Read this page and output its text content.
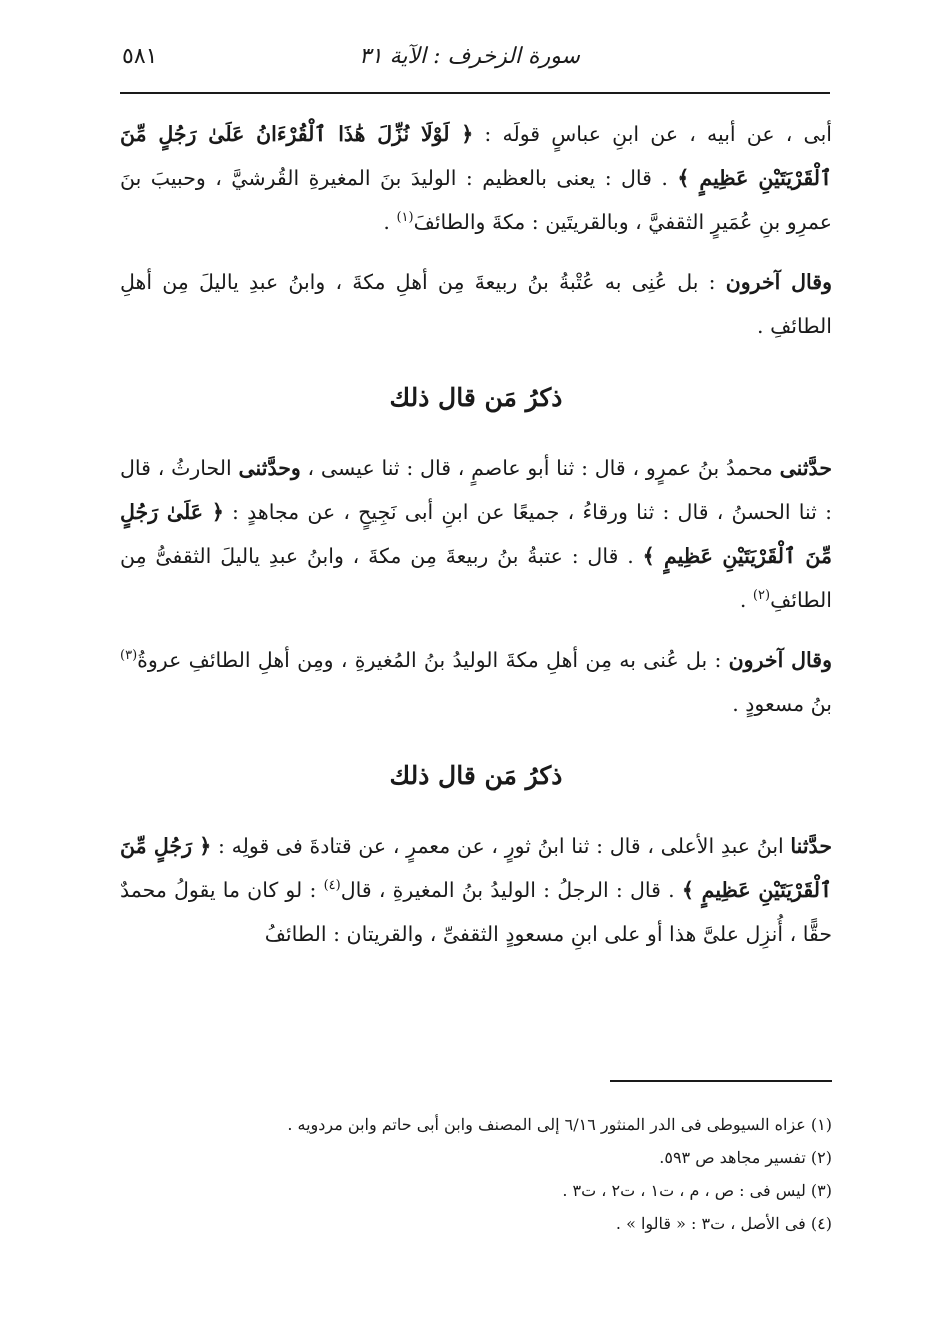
سورة الزخرف : الآية ٣١
٥٨١

أبى ، عن أبيه ، عن ابنِ عباسٍ قولَه : ﴿ لَوْلَا نُزِّلَ هَٰذَا ٱلْقُرْءَانُ عَلَىٰ رَجُلٍ مِّنَ ٱلْقَرْيَتَيْنِ عَظِيمٍ ﴾ . قال : يعنى بالعظيم : الوليدَ بنَ المغيرةِ القُرشيَّ ، وحبيبَ بنَ عمرِو بنِ عُمَيرٍ الثقفيَّ ، وبالقريتَين : مكةَ والطائفَ$^{(١)}$ .

وقال آخرون : بل عُنِى به عُتْبةُ بنُ ربيعةَ مِن أهلِ مكةَ ، وابنُ عبدِ ياليلَ مِن أهلِ الطائفِ .

ذكرُ مَن قال ذلك

حدَّثنى محمدُ بنُ عمرٍو ، قال : ثنا أبو عاصمٍ ، قال : ثنا عيسى ، وحدَّثنى الحارثُ ، قال : ثنا الحسنُ ، قال : ثنا ورقاءُ ، جميعًا عن ابنِ أبى نَجِيحٍ ، عن مجاهدٍ : ﴿ عَلَىٰ رَجُلٍ مِّنَ ٱلْقَرْيَتَيْنِ عَظِيمٍ ﴾ . قال : عتبةُ بنُ ربيعةَ مِن مكةَ ، وابنُ عبدِ ياليلَ الثقفىُّ مِن الطائفِ$^{(٢)}$ .

وقال آخرون : بل عُنى به مِن أهلِ مكةَ الوليدُ بنُ المُغيرةِ ، ومِن أهلِ الطائفِ عروةُ$^{(٣)}$ بنُ مسعودٍ .

ذكرُ مَن قال ذلك

حدَّثنا ابنُ عبدِ الأعلى ، قال : ثنا ابنُ ثورٍ ، عن معمرٍ ، عن قتادةَ فى قولِه : ﴿ رَجُلٍ مِّنَ ٱلْقَرْيَتَيْنِ عَظِيمٍ ﴾ . قال : الرجلُ : الوليدُ بنُ المغيرةِ ، قال$^{(٤)}$ : لو كان ما يقولُ محمدٌ حقًّا ، أُنزِل علىَّ هذا أو على ابنِ مسعودٍ الثقفىِّ ، والقريتان : الطائفُ

(١) عزاه السيوطى فى الدر المنثور ٦/١٦ إلى المصنف وابن أبى حاتم وابن مردويه .

(٢) تفسير مجاهد ص ٥٩٣.

(٣) ليس فى : ص ، م ، ت١ ، ت٢ ، ت٣ .

(٤) فى الأصل ، ت٣ : « قالوا » .
